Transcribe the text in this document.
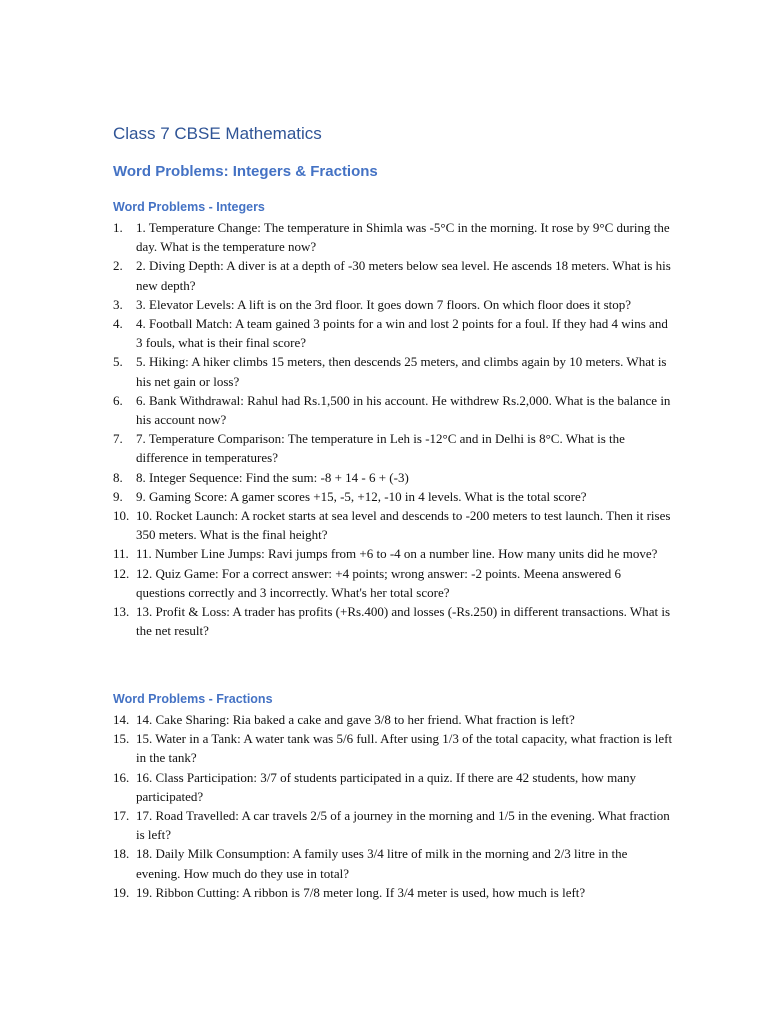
Class 7 CBSE Mathematics
Word Problems: Integers & Fractions
Word Problems - Integers
1. 1. Temperature Change: The temperature in Shimla was -5°C in the morning. It rose by 9°C during the day. What is the temperature now?
2. 2. Diving Depth: A diver is at a depth of -30 meters below sea level. He ascends 18 meters. What is his new depth?
3. 3. Elevator Levels: A lift is on the 3rd floor. It goes down 7 floors. On which floor does it stop?
4. 4. Football Match: A team gained 3 points for a win and lost 2 points for a foul. If they had 4 wins and 3 fouls, what is their final score?
5. 5. Hiking: A hiker climbs 15 meters, then descends 25 meters, and climbs again by 10 meters. What is his net gain or loss?
6. 6. Bank Withdrawal: Rahul had Rs.1,500 in his account. He withdrew Rs.2,000. What is the balance in his account now?
7. 7. Temperature Comparison: The temperature in Leh is -12°C and in Delhi is 8°C. What is the difference in temperatures?
8. 8. Integer Sequence: Find the sum: -8 + 14 - 6 + (-3)
9. 9. Gaming Score: A gamer scores +15, -5, +12, -10 in 4 levels. What is the total score?
10. 10. Rocket Launch: A rocket starts at sea level and descends to -200 meters to test launch. Then it rises 350 meters. What is the final height?
11. 11. Number Line Jumps: Ravi jumps from +6 to -4 on a number line. How many units did he move?
12. 12. Quiz Game: For a correct answer: +4 points; wrong answer: -2 points. Meena answered 6 questions correctly and 3 incorrectly. What's her total score?
13. 13. Profit & Loss: A trader has profits (+Rs.400) and losses (-Rs.250) in different transactions. What is the net result?
Word Problems - Fractions
14. 14. Cake Sharing: Ria baked a cake and gave 3/8 to her friend. What fraction is left?
15. 15. Water in a Tank: A water tank was 5/6 full. After using 1/3 of the total capacity, what fraction is left in the tank?
16. 16. Class Participation: 3/7 of students participated in a quiz. If there are 42 students, how many participated?
17. 17. Road Travelled: A car travels 2/5 of a journey in the morning and 1/5 in the evening. What fraction is left?
18. 18. Daily Milk Consumption: A family uses 3/4 litre of milk in the morning and 2/3 litre in the evening. How much do they use in total?
19. 19. Ribbon Cutting: A ribbon is 7/8 meter long. If 3/4 meter is used, how much is left?
